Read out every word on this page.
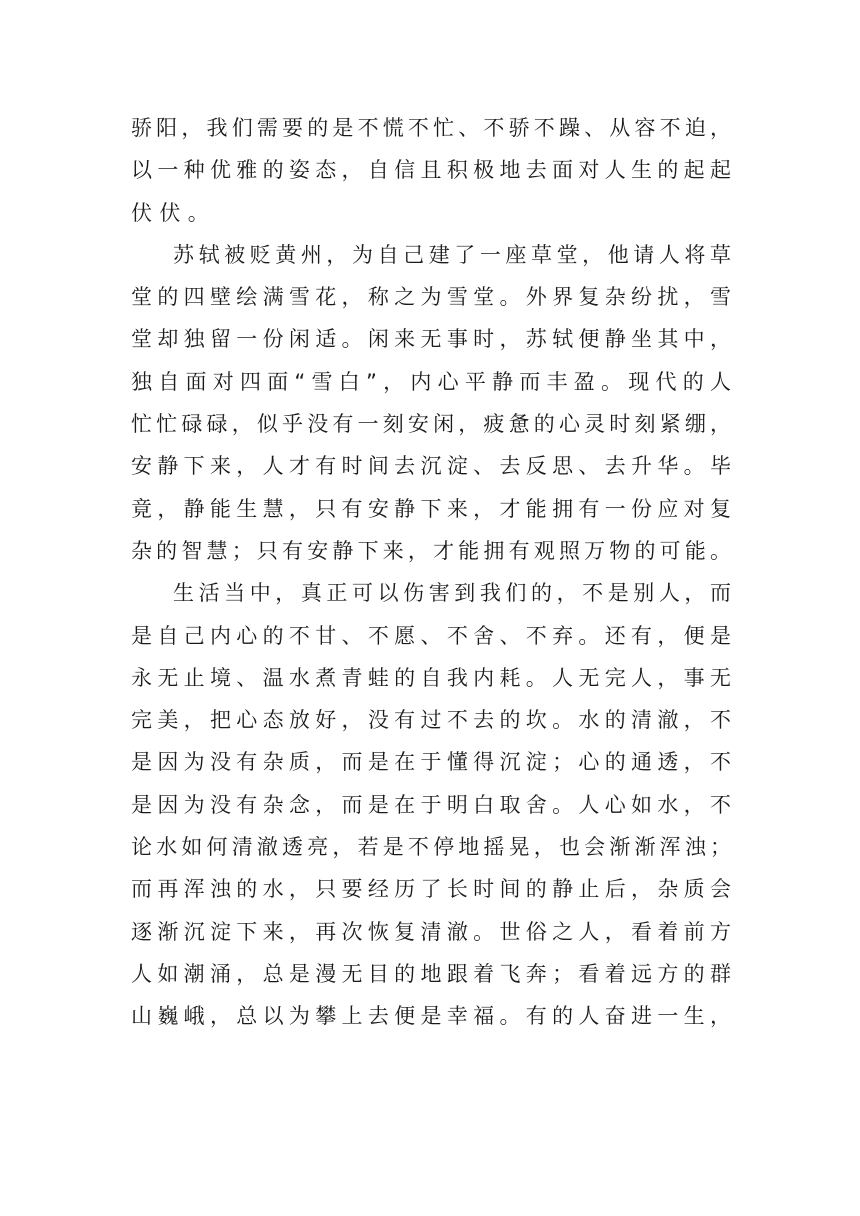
骄阳，我们需要的是不慌不忙、不骄不躁、从容不迫，
以一种优雅的姿态，自信且积极地去面对人生的起起
伏伏。
苏轼被贬黄州，为自己建了一座草堂，他请人将草
堂的四壁绘满雪花，称之为雪堂。外界复杂纷扰，雪
堂却独留一份闲适。闲来无事时，苏轼便静坐其中，
独自面对四面“雪白”，内心平静而丰盈。现代的人
忙忙碌碌，似乎没有一刻安闲，疲惫的心灵时刻紧绷，
安静下来，人才有时间去沉淀、去反思、去升华。毕
竟，静能生慧，只有安静下来，才能拥有一份应对复
杂的智慧；只有安静下来，才能拥有观照万物的可能。
生活当中，真正可以伤害到我们的，不是别人，而
是自己内心的不甘、不愿、不舍、不弃。还有，便是
永无止境、温水煮青蛙的自我内耗。人无完人，事无
完美，把心态放好，没有过不去的坎。水的清澈，不
是因为没有杂质，而是在于懂得沉淀；心的通透，不
是因为没有杂念，而是在于明白取舍。人心如水，不
论水如何清澈透亮，若是不停地摇晃，也会渐渐浑浊；
而再浑浊的水，只要经历了长时间的静止后，杂质会
逐渐沉淀下来，再次恢复清澈。世俗之人，看着前方
人如潮涌，总是漫无目的地跟着飞奔；看着远方的群
山巍峨，总以为攀上去便是幸福。有的人奋进一生，
